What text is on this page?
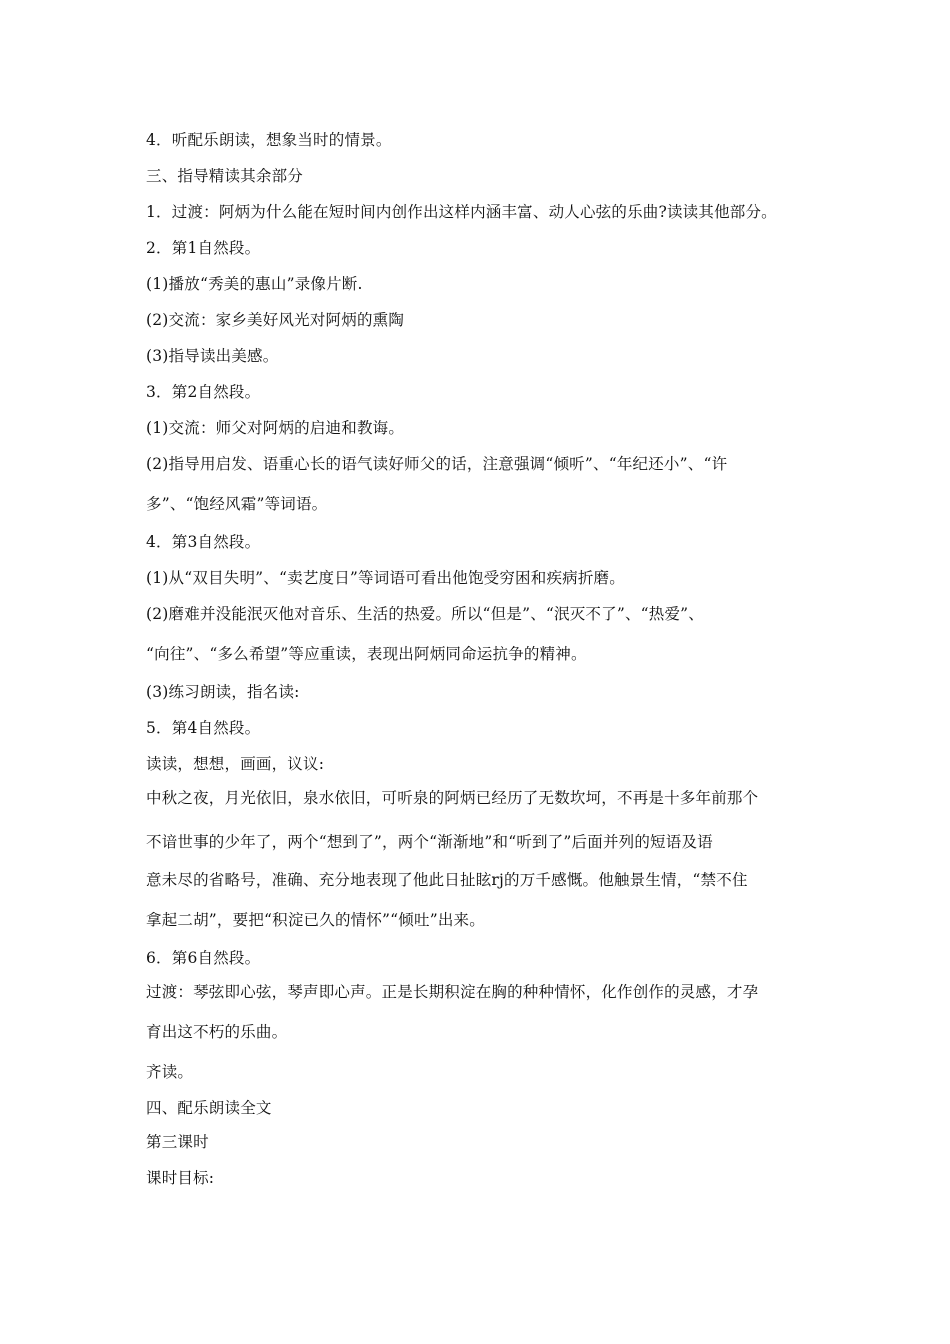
4．听配乐朗读，想象当时的情景。
三、指导精读其余部分
1．过渡：阿炳为什么能在短时间内创作出这样内涵丰富、动人心弦的乐曲?读读其他部分。
2．第1自然段。
(1)播放“秀美的惠山”录像片断.
(2)交流：家乡美好风光对阿炳的熏陶
(3)指导读出美感。
3．第2自然段。
(1)交流：师父对阿炳的启迪和教诲。
(2)指导用启发、语重心长的语气读好师父的话，注意强调“倾听”、“年纪还小”、“许
多”、“饱经风霜”等词语。
4．第3自然段。
(1)从“双目失明”、“卖艺度日”等词语可看出他饱受穷困和疾病折磨。
(2)磨难并没能泯灭他对音乐、生活的热爱。所以“但是”、“泯灭不了”、“热爱”、
“向往”、“多么希望”等应重读，表现出阿炳同命运抗争的精神。
(3)练习朗读，指名读:
5．第4自然段。
读读，想想，画画，议议:
中秋之夜，月光依旧，泉水依旧，可听泉的阿炳已经历了无数坎坷，不再是十多年前那个
不谙世事的少年了，两个“想到了”，两个“渐渐地”和“听到了”后面并列的短语及语
意未尽的省略号，准确、充分地表现了他此日扯眩rj的万千感慨。他触景生情，“禁不住
拿起二胡”，要把“积淀已久的情怀”“倾吐”出来。
6．第6自然段。
过渡：琴弦即心弦，琴声即心声。正是长期积淀在胸的种种情怀，化作创作的灵感，才孕
育出这不朽的乐曲。
齐读。
四、配乐朗读全文
第三课时
课时目标:
